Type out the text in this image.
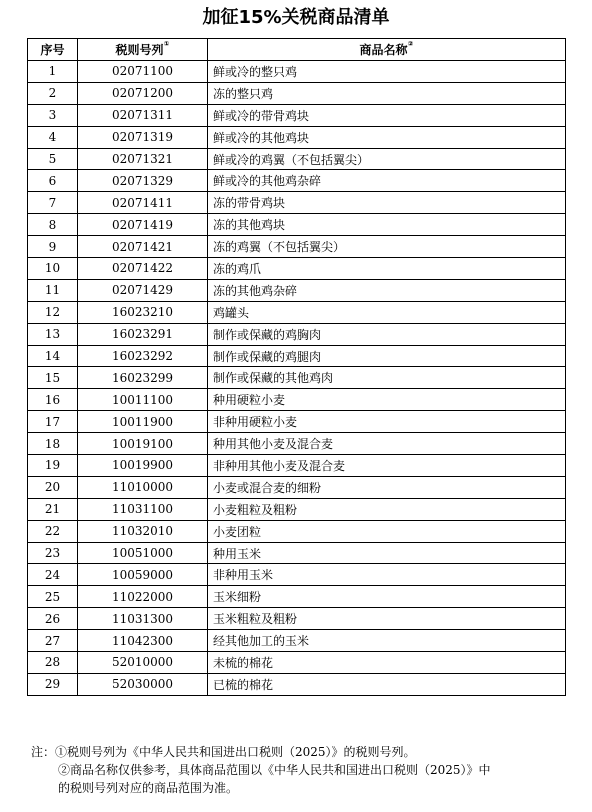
加征15%关税商品清单
序号	税则号列①	商品名称②
1	02071100	鲜或冷的整只鸡
2	02071200	冻的整只鸡
3	02071311	鲜或冷的带骨鸡块
4	02071319	鲜或冷的其他鸡块
5	02071321	鲜或冷的鸡翼（不包括翼尖）
6	02071329	鲜或冷的其他鸡杂碎
7	02071411	冻的带骨鸡块
8	02071419	冻的其他鸡块
9	02071421	冻的鸡翼（不包括翼尖）
10	02071422	冻的鸡爪
11	02071429	冻的其他鸡杂碎
12	16023210	鸡罐头
13	16023291	制作或保藏的鸡胸肉
14	16023292	制作或保藏的鸡腿肉
15	16023299	制作或保藏的其他鸡肉
16	10011100	种用硬粒小麦
17	10011900	非种用硬粒小麦
18	10019100	种用其他小麦及混合麦
19	10019900	非种用其他小麦及混合麦
20	11010000	小麦或混合麦的细粉
21	11031100	小麦粗粒及粗粉
22	11032010	小麦团粒
23	10051000	种用玉米
24	10059000	非种用玉米
25	11022000	玉米细粉
26	11031300	玉米粗粒及粗粉
27	11042300	经其他加工的玉米
28	52010000	未梳的棉花
29	52030000	已梳的棉花
注：①税则号列为《中华人民共和国进出口税则（2025）》的税则号列。
②商品名称仅供参考，具体商品范围以《中华人民共和国进出口税则（2025）》中
的税则号列对应的商品范围为准。
